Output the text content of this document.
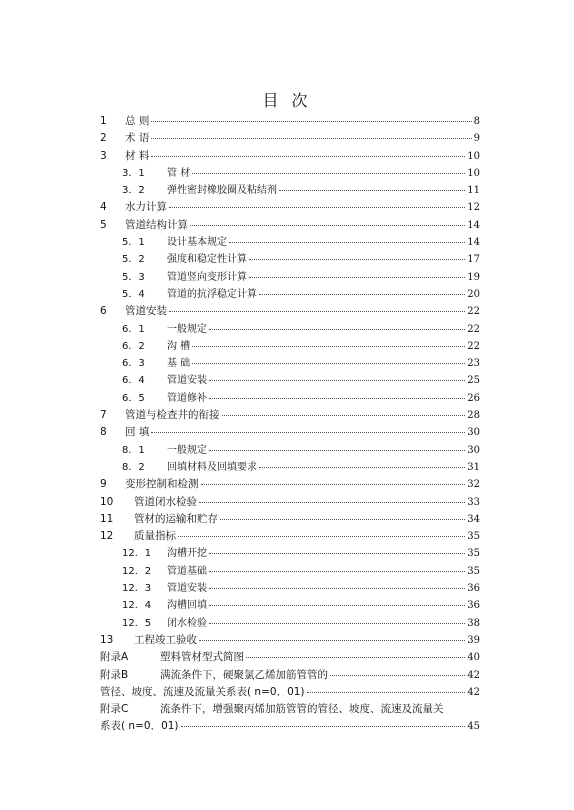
目 次
1	总 则	8
2	术 语	9
3	材 料	10
3．1	管 材	10
3．2	弹性密封橡胶圈及粘结剂	11
4	水力计算	12
5	管道结构计算	14
5．1	设计基本规定	14
5．2	强度和稳定性计算	17
5．3	管道竖向变形计算	19
5．4	管道的抗浮稳定计算	20
6	管道安装	22
6．1	一般规定	22
6．2	沟 槽	22
6．3	基 础	23
6．4	管道安装	25
6．5	管道修补	26
7	管道与检查井的衔接	28
8	回 填	30
8．1	一般规定	30
8．2	回填材料及回填要求	31
9	变形控制和检测	32
10	管道闭水检验	33
11	管材的运输和贮存	34
12	质量指标	35
12．1	沟槽开挖	35
12．2	管道基础	35
12．3	管道安装	36
12．4	沟槽回填	36
12．5	闭水检验	38
13	工程竣工验收	39
附录A	塑料管材型式简图	40
附录B	满流条件下，硬聚氯乙烯加筋管管的	42
管径、坡度、流速及流量关系表( n=0．01)	42
附录C	流条件下，增强聚丙烯加筋管管的管径、坡度、流速及流量关
系表( n=0．01)	45
